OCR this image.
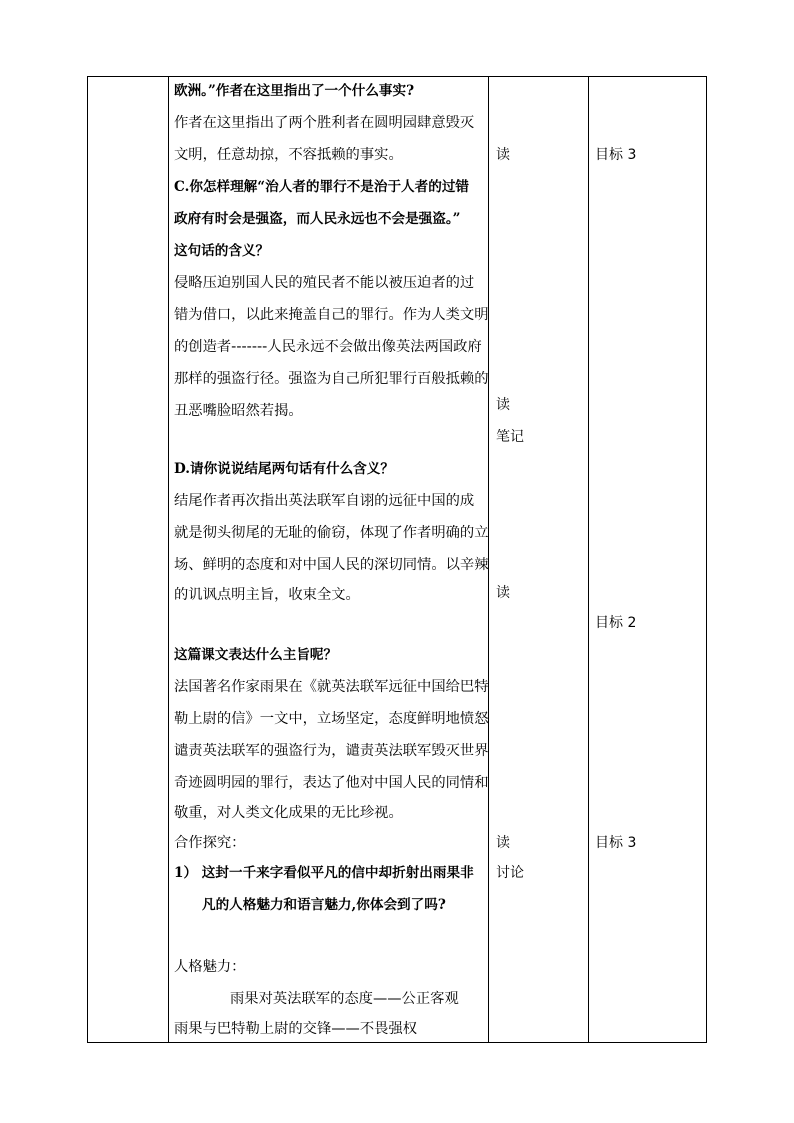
欧洲。”作者在这里指出了一个什么事实?
作者在这里指出了两个胜利者在圆明园肆意毁灭
文明，任意劫掠，不容抵赖的事实。
C.你怎样理解“治人者的罪行不是治于人者的过错
政府有时会是强盗，而人民永远也不会是强盗。”
这句话的含义？
侵略压迫别国人民的殖民者不能以被压迫者的过
错为借口，以此来掩盖自己的罪行。作为人类文明
的创造者-------人民永远不会做出像英法两国政府
那样的强盗行径。强盗为自己所犯罪行百般抵赖的
丑恶嘴脸昭然若揭。
D.请你说说结尾两句话有什么含义？
结尾作者再次指出英法联军自诩的远征中国的成
就是彻头彻尾的无耻的偷窃，体现了作者明确的立
场、鲜明的态度和对中国人民的深切同情。以辛辣
的讥讽点明主旨，收束全文。
这篇课文表达什么主旨呢？
法国著名作家雨果在《就英法联军远征中国给巴特
勒上尉的信》一文中，立场坚定，态度鲜明地愤怒
谴责英法联军的强盗行为，谴责英法联军毁灭世界
奇迹圆明园的罪行，表达了他对中国人民的同情和
敬重，对人类文化成果的无比珍视。
合作探究：
1） 这封一千来字看似平凡的信中却折射出雨果非
凡的人格魅力和语言魅力,你体会到了吗?
人格魅力：
雨果对英法联军的态度——公正客观
雨果与巴特勒上尉的交锋——不畏强权
读
读
笔记
读
读
讨论
目标 3
目标 2
目标 3
